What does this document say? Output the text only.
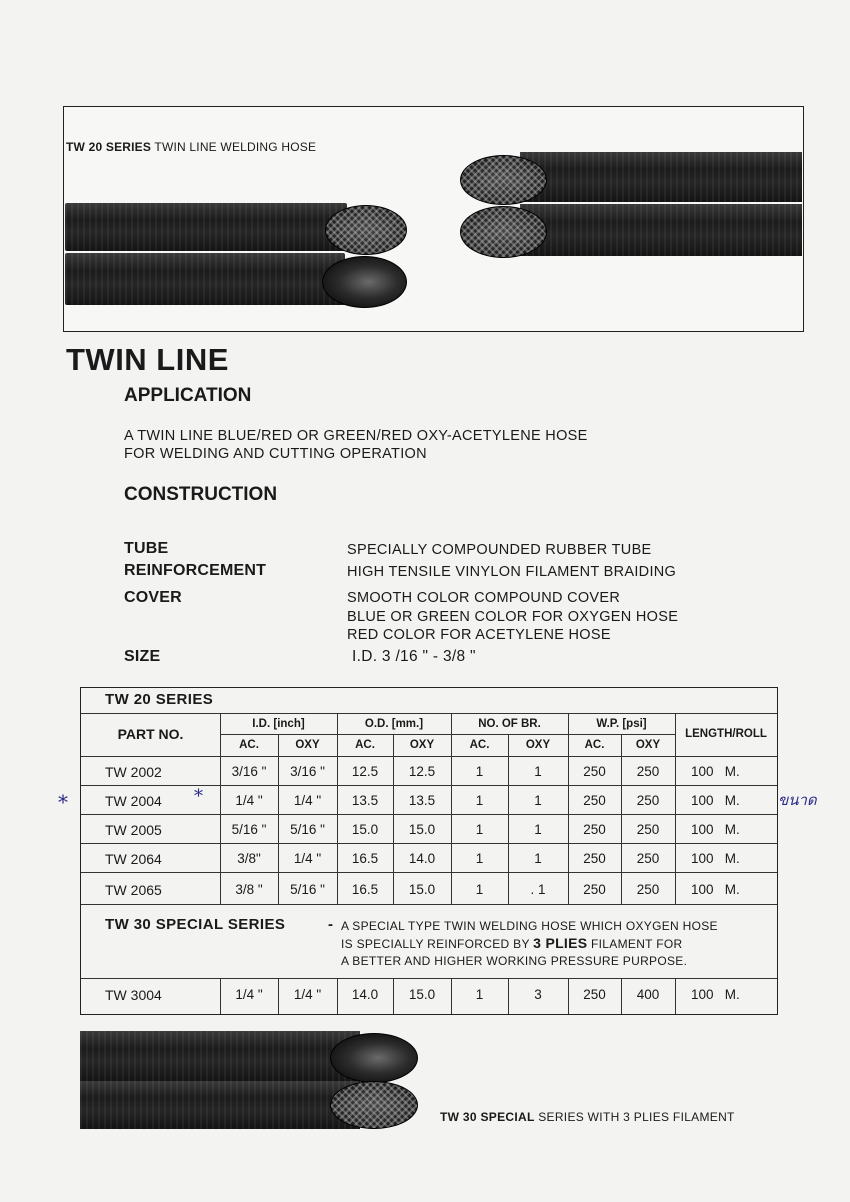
TW 20 SERIES TWIN LINE WELDING HOSE
TWIN LINE
APPLICATION
A TWIN LINE BLUE/RED OR GREEN/RED OXY-ACETYLENE HOSE
FOR WELDING AND CUTTING OPERATION
CONSTRUCTION
TUBE	SPECIALLY COMPOUNDED RUBBER TUBE
REINFORCEMENT	HIGH TENSILE VINYLON FILAMENT BRAIDING
COVER	SMOOTH COLOR COMPOUND COVER
BLUE OR GREEN COLOR FOR OXYGEN HOSE
RED COLOR FOR ACETYLENE HOSE
SIZE	I.D. 3 /16 " - 3/8 "
TW 20 SERIES
PART NO.
I.D. [inch]	O.D. [mm.]	NO. OF BR.	W.P. [psi]
LENGTH/ROLL
AC.	OXY	AC.	OXY	AC.	OXY	AC.	OXY
TW 2002	3/16 "	3/16 "	12.5	12.5	1	1	250	250	100   M.
TW 2004	1/4 "	1/4 "	13.5	13.5	1	1	250	250	100   M.
TW 2005	5/16 "	5/16 "	15.0	15.0	1	1	250	250	100   M.
TW 2064	3/8"	1/4 "	16.5	14.0	1	1	250	250	100   M.
TW 2065	3/8 "	5/16 "	16.5	15.0	1	. 1	250	250	100   M.
TW 30 SPECIAL SERIES	- A SPECIAL TYPE TWIN WELDING HOSE WHICH OXYGEN HOSE
IS SPECIALLY REINFORCED BY 3 PLIES FILAMENT FOR
A BETTER AND HIGHER WORKING PRESSURE PURPOSE.
TW 3004	1/4 "	1/4 "	14.0	15.0	1	3	250	400	100   M.
TW 30 SPECIAL SERIES WITH 3 PLIES FILAMENT
*	*	ขนาด
